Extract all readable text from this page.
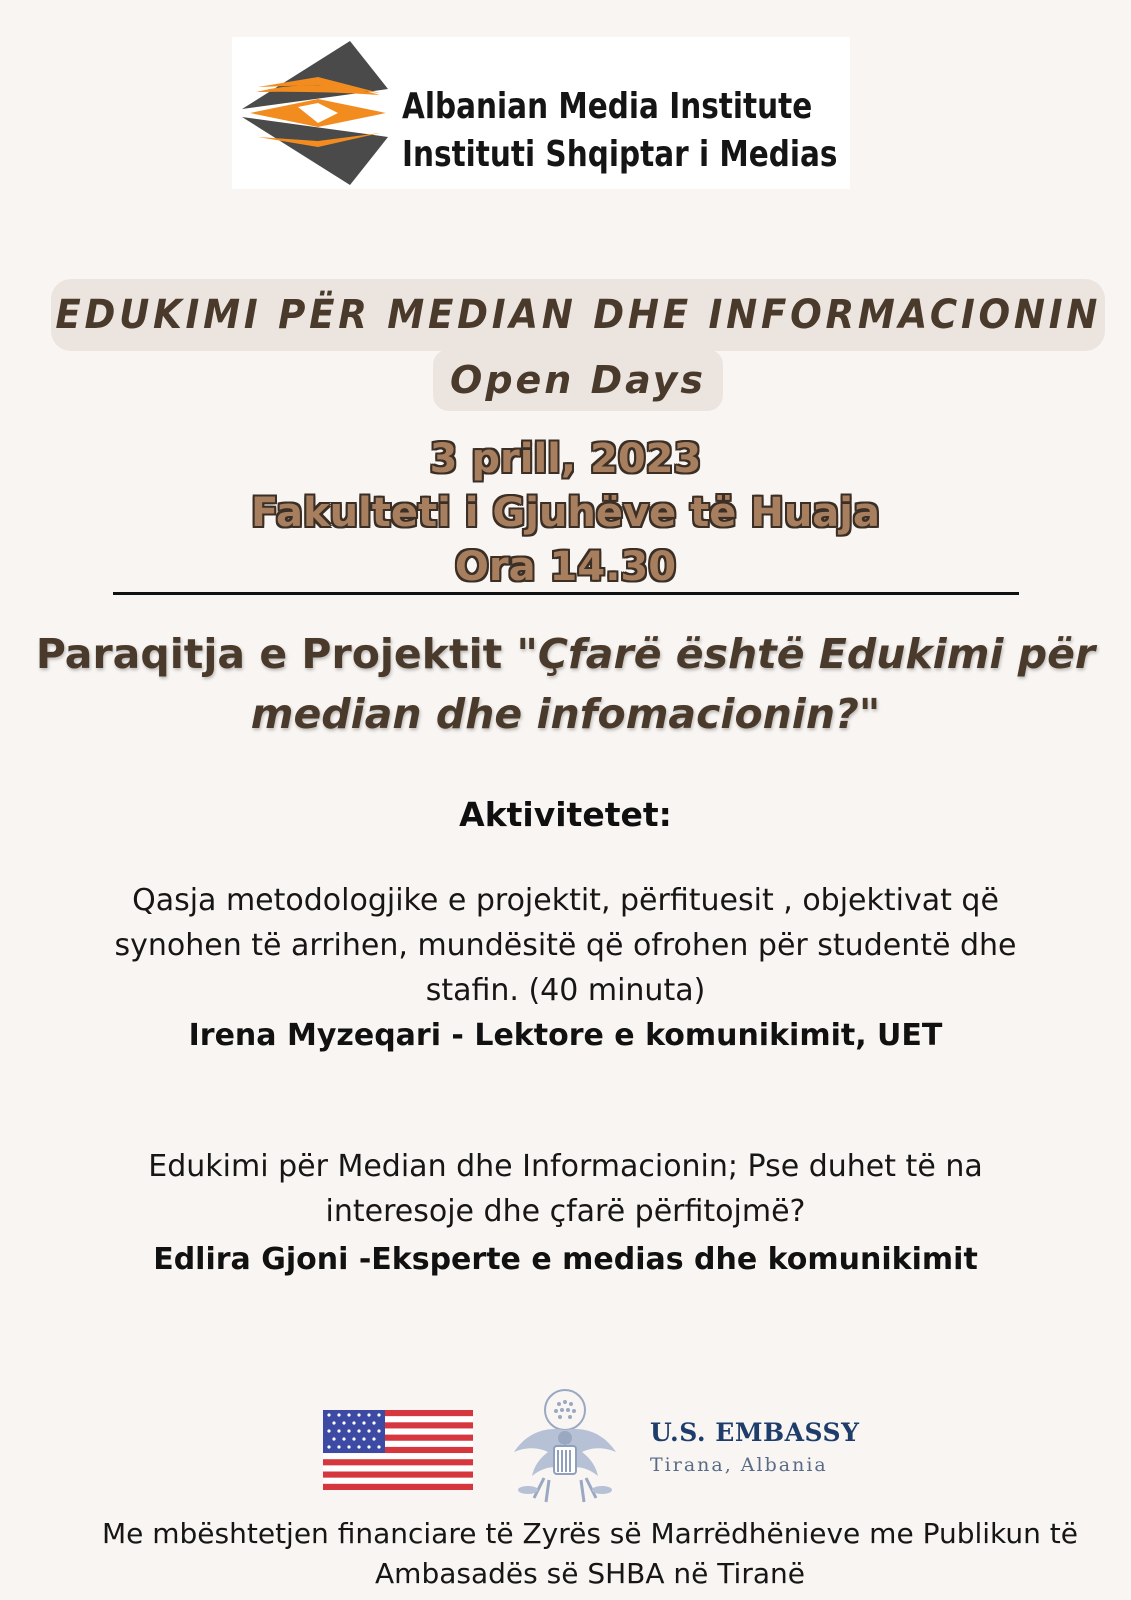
Albanian Media Institute
Instituti Shqiptar i Medias
EDUKIMI PËR MEDIAN DHE INFORMACIONIN
Open Days
3 prill, 2023
Fakulteti i Gjuhëve të Huaja
Ora 14.30
Paraqitja e Projektit "Çfarë është Edukimi për
median dhe infomacionin?"
Aktivitetet:
Qasja metodologjike e projektit, përfituesit , objektivat që
synohen të arrihen, mundësitë që ofrohen për studentë dhe
stafin. (40 minuta)
Irena Myzeqari - Lektore e komunikimit, UET
Edukimi për Median dhe Informacionin; Pse duhet të na
interesoje dhe çfarë përfitojmë?
Edlira Gjoni -Eksperte e medias dhe komunikimit
U.S. EMBASSY
Tirana, Albania
Me mbështetjen financiare të Zyrës së Marrëdhënieve me Publikun të
Ambasadës së SHBA në Tiranë
